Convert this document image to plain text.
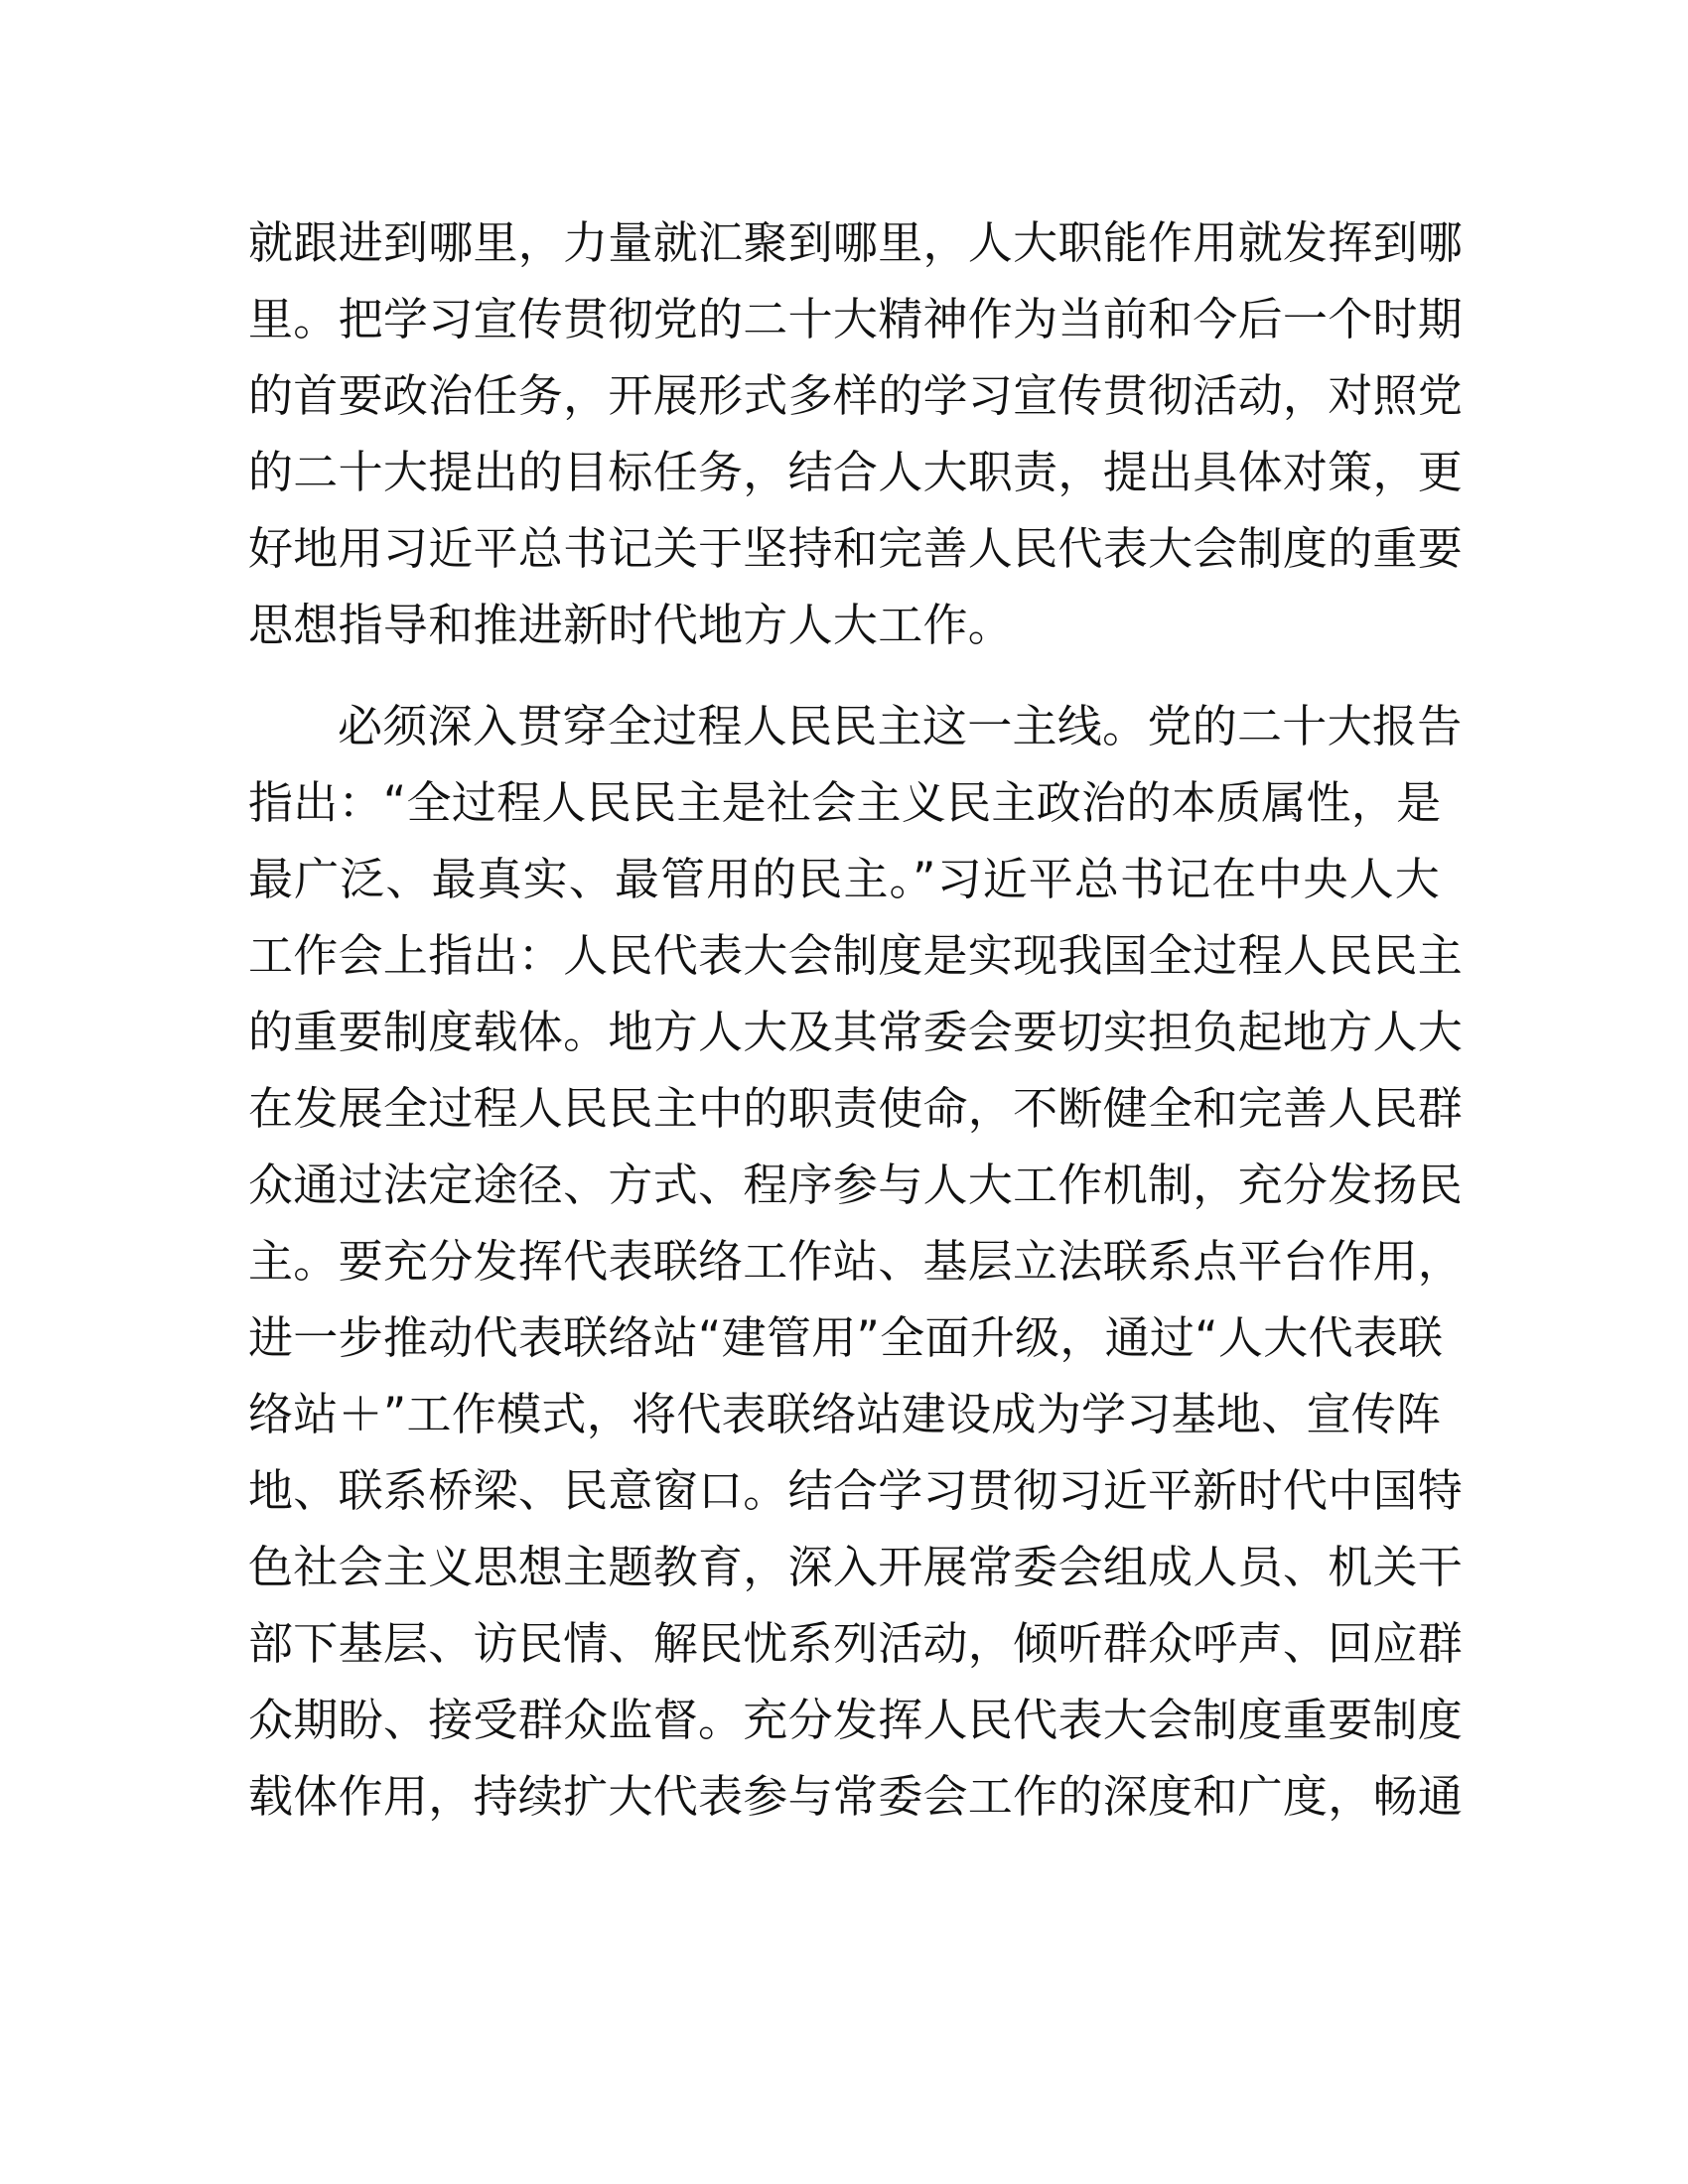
就跟进到哪里，力量就汇聚到哪里，人大职能作用就发挥到哪
里。把学习宣传贯彻党的二十大精神作为当前和今后一个时期
的首要政治任务，开展形式多样的学习宣传贯彻活动，对照党
的二十大提出的目标任务，结合人大职责，提出具体对策，更
好地用习近平总书记关于坚持和完善人民代表大会制度的重要
思想指导和推进新时代地方人大工作。
必须深入贯穿全过程人民民主这一主线。党的二十大报告
指出：“全过程人民民主是社会主义民主政治的本质属性，是
最广泛、最真实、最管用的民主。”习近平总书记在中央人大
工作会上指出：人民代表大会制度是实现我国全过程人民民主
的重要制度载体。地方人大及其常委会要切实担负起地方人大
在发展全过程人民民主中的职责使命，不断健全和完善人民群
众通过法定途径、方式、程序参与人大工作机制，充分发扬民
主。要充分发挥代表联络工作站、基层立法联系点平台作用，
进一步推动代表联络站“建管用”全面升级，通过“人大代表联
络站＋”工作模式，将代表联络站建设成为学习基地、宣传阵
地、联系桥梁、民意窗口。结合学习贯彻习近平新时代中国特
色社会主义思想主题教育，深入开展常委会组成人员、机关干
部下基层、访民情、解民忧系列活动，倾听群众呼声、回应群
众期盼、接受群众监督。充分发挥人民代表大会制度重要制度
载体作用，持续扩大代表参与常委会工作的深度和广度，畅通
